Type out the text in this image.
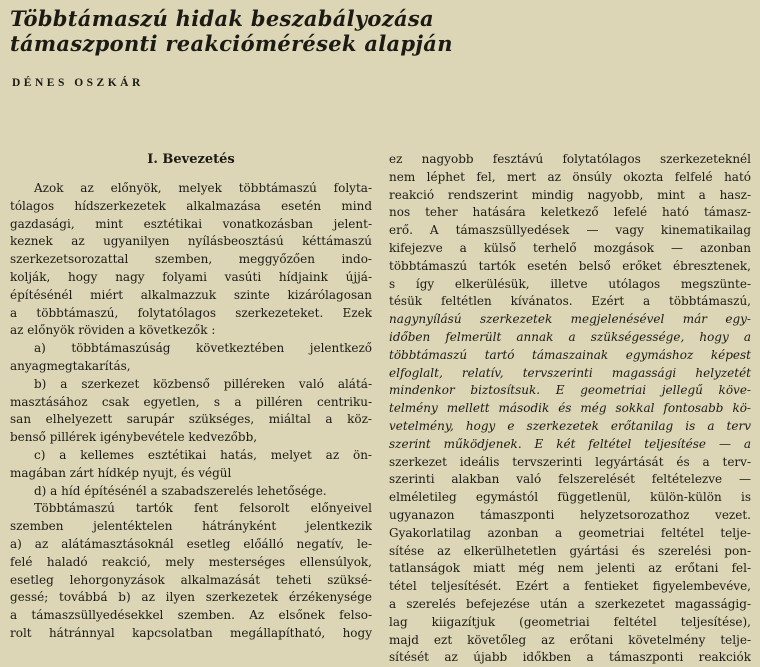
Többtámaszú hidak beszabályozása
támaszponti reakciómérések alapján
DÉNES OSZKÁR
I. Bevezetés
Azok az előnyök, melyek többtámaszú folyta-
tólagos hídszerkezetek alkalmazása esetén mind
gazdasági, mint esztétikai vonatkozásban jelent-
keznek az ugyanilyen nyílásbeosztású kéttámaszú
szerkezetsorozattal szemben, meggyőzően indo-
kolják, hogy nagy folyami vasúti hídjaink újjá-
építésénél miért alkalmazzuk szinte kizárólagosan
a többtámaszú, folytatólagos szerkezeteket. Ezek
az előnyök röviden a következők :
a) többtámaszúság következtében jelentkező
anyagmegtakarítás,
b) a szerkezet közbenső pilléreken való alátá-
masztásához csak egyetlen, s a pilléren centriku-
san elhelyezett sarupár szükséges, miáltal a köz-
benső pillérek igénybevétele kedvezőbb,
c) a kellemes esztétikai hatás, melyet az ön-
magában zárt hídkép nyujt, és végül
d) a híd építésénél a szabadszerelés lehetősége.
Többtámaszú tartók fent felsorolt előnyeivel
szemben jelentéktelen hátrányként jelentkezik
a) az alátámasztásoknál esetleg előálló negatív, le-
felé haladó reakció, mely mesterséges ellensúlyok,
esetleg lehorgonyzások alkalmazását teheti szüksé-
gessé; továbbá b) az ilyen szerkezetek érzékenysége
a támaszsüllyedésekkel szemben. Az elsőnek felso-
rolt hátránnyal kapcsolatban megállapítható, hogy
ez nagyobb fesztávú folytatólagos szerkezeteknél
nem léphet fel, mert az önsúly okozta felfelé ható
reakció rendszerint mindig nagyobb, mint a hasz-
nos teher hatására keletkező lefelé ható támasz-
erő. A támaszsüllyedések — vagy kinematikailag
kifejezve a külső terhelő mozgások — azonban
többtámaszú tartók esetén belső erőket ébresztenek,
s így elkerülésük, illetve utólagos megszünte-
tésük feltétlen kívánatos. Ezért a többtámaszú,
nagynyílású szerkezetek megjelenésével már egy-
időben felmerült annak a szükségessége, hogy a
többtámaszú tartó támaszainak egymáshoz képest
elfoglalt, relatív, tervszerinti magassági helyzetét
mindenkor biztosítsuk. E geometriai jellegű köve-
telmény mellett második és még sokkal fontosabb kö-
vetelmény, hogy e szerkezetek erőtanilag is a terv
szerint működjenek. E két feltétel teljesítése — a
szerkezet ideális tervszerinti legyártását és a terv-
szerinti alakban való felszerelését feltételezve —
elméletileg egymástól függetlenül, külön-külön is
ugyanazon támaszponti helyzetsorozathoz vezet.
Gyakorlatilag azonban a geometriai feltétel telje-
sítése az elkerülhetetlen gyártási és szerelési pon-
tatlanságok miatt még nem jelenti az erőtani fel-
tétel teljesítését. Ezért a fentieket figyelembevéve,
a szerelés befejezése után a szerkezetet magasságig-
lag kiigazítjuk (geometriai feltétel teljesítése),
majd ezt követőleg az erőtani követelmény telje-
sítését az újabb időkben a támaszponti reakciók
